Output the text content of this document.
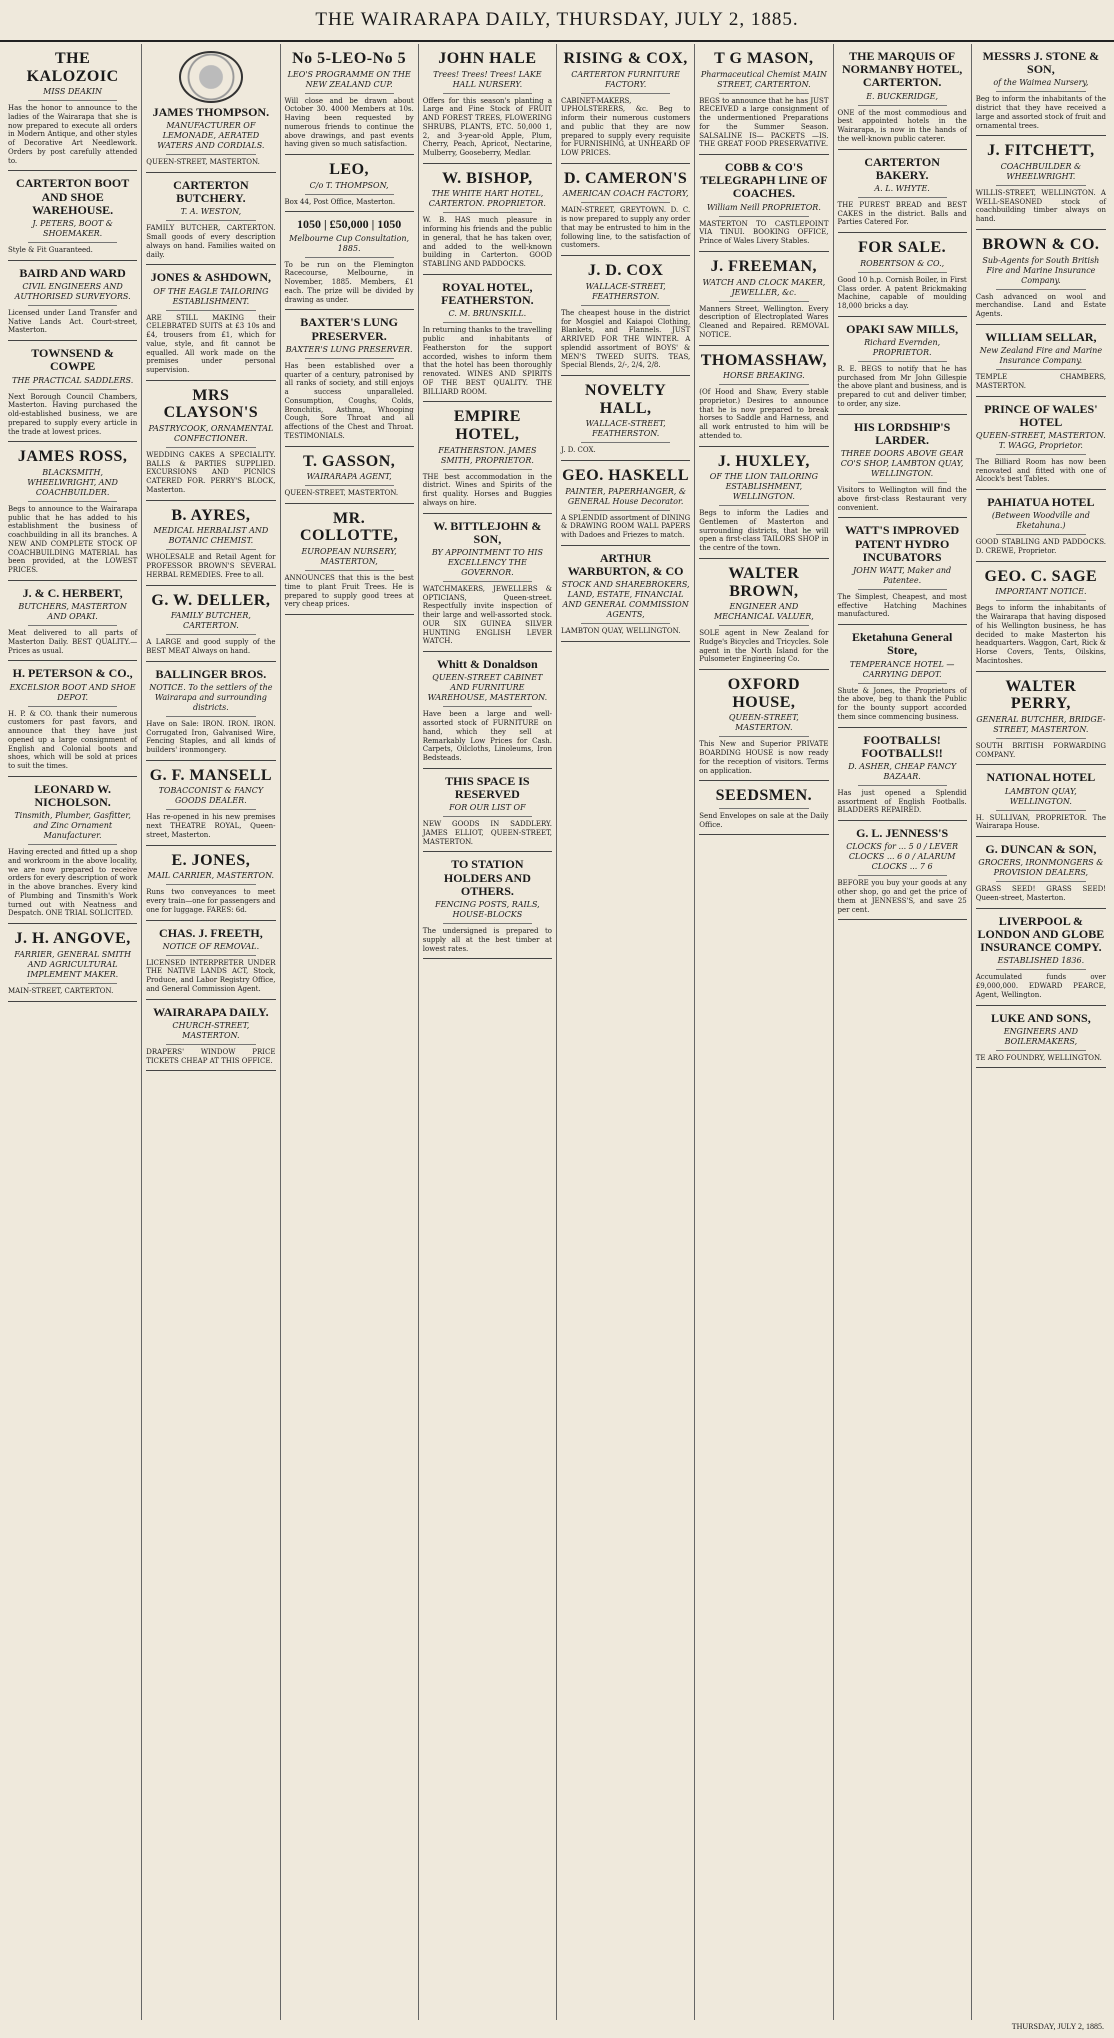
THE WAIRARAPA DAILY, THURSDAY, JULY 2, 1885.
THE KALOZOIC
MISS DEAKIN
Has the honor to announce to the ladies of the Wairarapa that she is now prepared to execute all orders in Modern Antique, and other styles of Decorative Art Needlework. Orders by post carefully attended to.
CARTERTON BOOT AND SHOE WAREHOUSE.
J. PETERS, BOOT & SHOEMAKER.
Style & Fit Guaranteed.
BAIRD AND WARD
CIVIL ENGINEERS AND AUTHORISED SURVEYORS.
Licensed under Land Transfer and Native Lands Act. Court-street, Masterton.
TOWNSEND & COWPE
THE PRACTICAL SADDLERS.
Next Borough Council Chambers, Masterton. Having purchased the old-established business, we are prepared to supply every article in the trade at lowest prices.
JAMES ROSS,
BLACKSMITH, WHEELWRIGHT, AND COACHBUILDER.
Begs to announce to the Wairarapa public that he has added to his establishment the business of coachbuilding in all its branches. A NEW AND COMPLETE STOCK OF COACHBUILDING MATERIAL has been provided, at the LOWEST PRICES.
J. & C. HERBERT,
BUTCHERS, MASTERTON AND OPAKI.
Meat delivered to all parts of Masterton Daily. BEST QUALITY.—Prices as usual.
H. PETERSON & CO.,
EXCELSIOR BOOT AND SHOE DEPOT.
H. P. & CO. thank their numerous customers for past favors, and announce that they have just opened up a large consignment of English and Colonial boots and shoes, which will be sold at prices to suit the times.
LEONARD W. NICHOLSON.
Tinsmith, Plumber, Gasfitter, and Zinc Ornament Manufacturer.
Having erected and fitted up a shop and workroom in the above locality, we are now prepared to receive orders for every description of work in the above branches. Every kind of Plumbing and Tinsmith's Work turned out with Neatness and Despatch. ONE TRIAL SOLICITED.
J. H. ANGOVE,
FARRIER, GENERAL SMITH AND AGRICULTURAL IMPLEMENT MAKER.
MAIN-STREET, CARTERTON.
JAMES THOMPSON.
MANUFACTURER OF LEMONADE, AERATED WATERS AND CORDIALS.
QUEEN-STREET, MASTERTON.
CARTERTON BUTCHERY.
T. A. WESTON,
FAMILY BUTCHER, CARTERTON. Small goods of every description always on hand. Families waited on daily.
JONES & ASHDOWN,
OF THE EAGLE TAILORING ESTABLISHMENT.
ARE STILL MAKING their CELEBRATED SUITS at £3 10s and £4, trousers from £1, which for value, style, and fit cannot be equalled. All work made on the premises under personal supervision.
MRS CLAYSON'S
PASTRYCOOK, ORNAMENTAL CONFECTIONER.
WEDDING CAKES A SPECIALITY. BALLS & PARTIES SUPPLIED. EXCURSIONS AND PICNICS CATERED FOR. PERRY'S BLOCK, Masterton.
B. AYRES,
MEDICAL HERBALIST AND BOTANIC CHEMIST.
WHOLESALE and Retail Agent for PROFESSOR BROWN'S SEVERAL HERBAL REMEDIES. Free to all.
G. W. DELLER,
FAMILY BUTCHER, CARTERTON.
A LARGE and good supply of the BEST MEAT Always on hand.
BALLINGER BROS.
NOTICE. To the settlers of the Wairarapa and surrounding districts.
Have on Sale: IRON. IRON. IRON. Corrugated Iron, Galvanised Wire, Fencing Staples, and all kinds of builders' ironmongery.
G. F. MANSELL
TOBACCONIST & FANCY GOODS DEALER.
Has re-opened in his new premises next THEATRE ROYAL, Queen-street, Masterton.
E. JONES,
MAIL CARRIER, MASTERTON.
Runs two conveyances to meet every train—one for passengers and one for luggage. FARES: 6d.
CHAS. J. FREETH,
NOTICE OF REMOVAL.
LICENSED INTERPRETER UNDER THE NATIVE LANDS ACT, Stock, Produce, and Labor Registry Office, and General Commission Agent.
WAIRARAPA DAILY.
CHURCH-STREET, MASTERTON.
DRAPERS' WINDOW PRICE TICKETS CHEAP AT THIS OFFICE.
No 5-LEO-No 5
LEO'S PROGRAMME ON THE NEW ZEALAND CUP.
Will close and be drawn about October 30. 4000 Members at 10s. Having been requested by numerous friends to continue the above drawings, and past events having given so much satisfaction.
LEO,
C/o T. THOMPSON,
Box 44, Post Office, Masterton.
1050 | £50,000 | 1050
Melbourne Cup Consultation, 1885.
To be run on the Flemington Racecourse, Melbourne, in November, 1885. Members, £1 each. The prize will be divided by drawing as under.
BAXTER'S LUNG PRESERVER.
BAXTER'S LUNG PRESERVER.
Has been established over a quarter of a century, patronised by all ranks of society, and still enjoys a success unparalleled. Consumption, Coughs, Colds, Bronchitis, Asthma, Whooping Cough, Sore Throat and all affections of the Chest and Throat. TESTIMONIALS.
T. GASSON,
WAIRARAPA AGENT,
QUEEN-STREET, MASTERTON.
MR. COLLOTTE,
EUROPEAN NURSERY, MASTERTON,
ANNOUNCES that this is the best time to plant Fruit Trees. He is prepared to supply good trees at very cheap prices.
JOHN HALE
Trees! Trees! Trees! LAKE HALL NURSERY.
Offers for this season's planting a Large and Fine Stock of FRUIT AND FOREST TREES, FLOWERING SHRUBS, PLANTS, ETC. 50,000 1, 2, and 3-year-old Apple, Plum, Cherry, Peach, Apricot, Nectarine, Mulberry, Gooseberry, Medlar.
W. BISHOP,
THE WHITE HART HOTEL, CARTERTON. PROPRIETOR.
W. B. HAS much pleasure in informing his friends and the public in general, that he has taken over, and added to the well-known building in Carterton. GOOD STABLING AND PADDOCKS.
ROYAL HOTEL, FEATHERSTON.
C. M. BRUNSKILL.
In returning thanks to the travelling public and inhabitants of Featherston for the support accorded, wishes to inform them that the hotel has been thoroughly renovated. WINES AND SPIRITS OF THE BEST QUALITY. THE BILLIARD ROOM.
EMPIRE HOTEL,
FEATHERSTON. JAMES SMITH, PROPRIETOR.
THE best accommodation in the district. Wines and Spirits of the first quality. Horses and Buggies always on hire.
W. BITTLEJOHN & SON,
BY APPOINTMENT TO HIS EXCELLENCY THE GOVERNOR.
WATCHMAKERS, JEWELLERS & OPTICIANS, Queen-street. Respectfully invite inspection of their large and well-assorted stock. OUR SIX GUINEA SILVER HUNTING ENGLISH LEVER WATCH.
Whitt & Donaldson
QUEEN-STREET CABINET AND FURNITURE WAREHOUSE, MASTERTON.
Have been a large and well-assorted stock of FURNITURE on hand, which they sell at Remarkably Low Prices for Cash. Carpets, Oilcloths, Linoleums, Iron Bedsteads.
THIS SPACE IS RESERVED
FOR OUR LIST OF
NEW GOODS IN SADDLERY. JAMES ELLIOT, QUEEN-STREET, MASTERTON.
TO STATION HOLDERS AND OTHERS.
FENCING POSTS, RAILS, HOUSE-BLOCKS
The undersigned is prepared to supply all at the best timber at lowest rates.
RISING & COX,
CARTERTON FURNITURE FACTORY.
CABINET-MAKERS, UPHOLSTERERS, &c. Beg to inform their numerous customers and public that they are now prepared to supply every requisite for FURNISHING, at UNHEARD OF LOW PRICES.
D. CAMERON'S
AMERICAN COACH FACTORY,
MAIN-STREET, GREYTOWN. D. C. is now prepared to supply any order that may be entrusted to him in the following line, to the satisfaction of customers.
J. D. COX
WALLACE-STREET, FEATHERSTON.
The cheapest house in the district for Mosgiel and Kaiapoi Clothing, Blankets, and Flannels. JUST ARRIVED FOR THE WINTER. A splendid assortment of BOYS' & MEN'S TWEED SUITS. TEAS, Special Blends, 2/-, 2/4, 2/8.
NOVELTY HALL,
WALLACE-STREET, FEATHERSTON.
J. D. COX.
GEO. HASKELL
PAINTER, PAPERHANGER, & GENERAL House Decorator.
A SPLENDID assortment of DINING & DRAWING ROOM WALL PAPERS with Dadoes and Friezes to match.
ARTHUR WARBURTON, & CO
STOCK AND SHAREBROKERS, LAND, ESTATE, FINANCIAL AND GENERAL COMMISSION AGENTS,
LAMBTON QUAY, WELLINGTON.
T G MASON,
Pharmaceutical Chemist MAIN STREET, CARTERTON.
BEGS to announce that he has JUST RECEIVED a large consignment of the undermentioned Preparations for the Summer Season. SALSALINE IS— PACKETS —IS. THE GREAT FOOD PRESERVATIVE.
COBB & CO'S TELEGRAPH LINE OF COACHES.
William Neill PROPRIETOR.
MASTERTON TO CASTLEPOINT VIA TINUI. BOOKING OFFICE, Prince of Wales Livery Stables.
J. FREEMAN,
WATCH AND CLOCK MAKER, JEWELLER, &c.
Manners Street, Wellington. Every description of Electroplated Wares Cleaned and Repaired. REMOVAL NOTICE.
THOMASSHAW,
HORSE BREAKING.
(Of Hood and Shaw, Every stable proprietor.) Desires to announce that he is now prepared to break horses to Saddle and Harness, and all work entrusted to him will be attended to.
J. HUXLEY,
OF THE LION TAILORING ESTABLISHMENT, WELLINGTON.
Begs to inform the Ladies and Gentlemen of Masterton and surrounding districts, that he will open a first-class TAILORS SHOP in the centre of the town.
WALTER BROWN,
ENGINEER AND MECHANICAL VALUER,
SOLE agent in New Zealand for Rudge's Bicycles and Tricycles. Sole agent in the North Island for the Pulsometer Engineering Co.
OXFORD HOUSE,
QUEEN-STREET, MASTERTON.
This New and Superior PRIVATE BOARDING HOUSE is now ready for the reception of visitors. Terms on application.
SEEDSMEN.
Send Envelopes on sale at the Daily Office.
THE MARQUIS OF NORMANBY HOTEL, CARTERTON.
E. BUCKERIDGE,
ONE of the most commodious and best appointed hotels in the Wairarapa, is now in the hands of the well-known public caterer.
CARTERTON BAKERY.
A. L. WHYTE.
THE PUREST BREAD and BEST CAKES in the district. Balls and Parties Catered For.
FOR SALE.
ROBERTSON & CO.,
Good 10 h.p. Cornish Boiler, in First Class order. A patent Brickmaking Machine, capable of moulding 18,000 bricks a day.
OPAKI SAW MILLS,
Richard Evernden, PROPRIETOR.
R. E. BEGS to notify that he has purchased from Mr John Gillespie the above plant and business, and is prepared to cut and deliver timber, to order, any size.
HIS LORDSHIP'S LARDER.
THREE DOORS ABOVE GEAR CO'S SHOP, LAMBTON QUAY, WELLINGTON.
Visitors to Wellington will find the above first-class Restaurant very convenient.
WATT'S IMPROVED PATENT HYDRO INCUBATORS
JOHN WATT, Maker and Patentee.
The Simplest, Cheapest, and most effective Hatching Machines manufactured.
Eketahuna General Store,
TEMPERANCE HOTEL — CARRYING DEPOT.
Shute & Jones, the Proprietors of the above, beg to thank the Public for the bounty support accorded them since commencing business.
FOOTBALLS! FOOTBALLS!!
D. ASHER, CHEAP FANCY BAZAAR.
Has just opened a Splendid assortment of English Footballs. BLADDERS REPAIRED.
G. L. JENNESS'S
CLOCKS for ... 5 0 / LEVER CLOCKS ... 6 0 / ALARUM CLOCKS ... 7 6
BEFORE you buy your goods at any other shop, go and get the price of them at JENNESS'S, and save 25 per cent.
MESSRS J. STONE & SON,
of the Waimea Nursery,
Beg to inform the inhabitants of the district that they have received a large and assorted stock of fruit and ornamental trees.
J. FITCHETT,
COACHBUILDER & WHEELWRIGHT.
WILLIS-STREET, WELLINGTON. A WELL-SEASONED stock of coachbuilding timber always on hand.
BROWN & CO.
Sub-Agents for South British Fire and Marine Insurance Company.
Cash advanced on wool and merchandise. Land and Estate Agents.
WILLIAM SELLAR,
New Zealand Fire and Marine Insurance Company.
TEMPLE CHAMBERS, MASTERTON.
PRINCE OF WALES' HOTEL
QUEEN-STREET, MASTERTON. T. WAGG, Proprietor.
The Billiard Room has now been renovated and fitted with one of Alcock's best Tables.
PAHIATUA HOTEL
(Between Woodville and Eketahuna.)
GOOD STABLING AND PADDOCKS. D. CREWE, Proprietor.
GEO. C. SAGE
IMPORTANT NOTICE.
Begs to inform the inhabitants of the Wairarapa that having disposed of his Wellington business, he has decided to make Masterton his headquarters. Waggon, Cart, Rick & Horse Covers, Tents, Oilskins, Macintoshes.
WALTER PERRY,
GENERAL BUTCHER, BRIDGE-STREET, MASTERTON.
SOUTH BRITISH FORWARDING COMPANY.
NATIONAL HOTEL
LAMBTON QUAY, WELLINGTON.
H. SULLIVAN, PROPRIETOR. The Wairarapa House.
G. DUNCAN & SON,
GROCERS, IRONMONGERS & PROVISION DEALERS,
GRASS SEED! GRASS SEED! Queen-street, Masterton.
LIVERPOOL & LONDON AND GLOBE INSURANCE COMPY.
ESTABLISHED 1836.
Accumulated funds over £9,000,000. EDWARD PEARCE, Agent, Wellington.
LUKE AND SONS,
ENGINEERS AND BOILERMAKERS,
TE ARO FOUNDRY, WELLINGTON.
THURSDAY, JULY 2, 1885.
